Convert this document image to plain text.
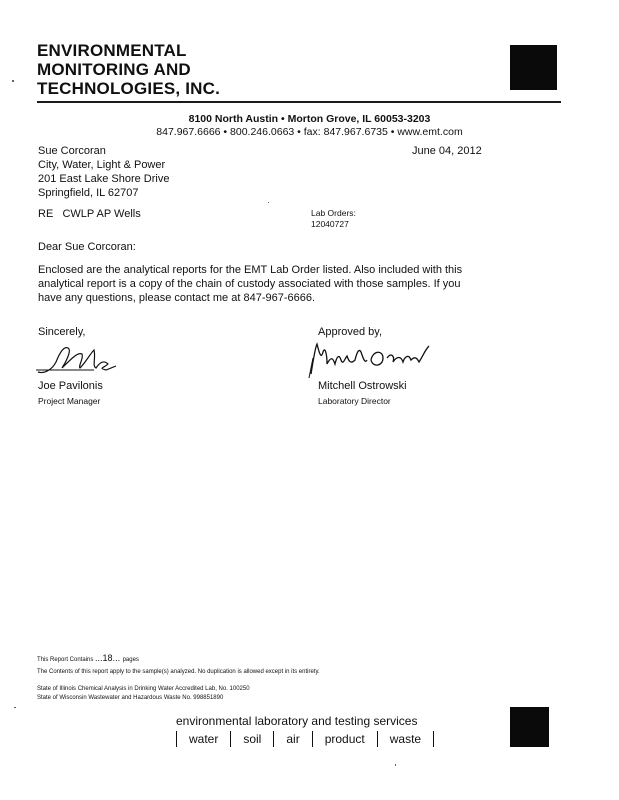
ENVIRONMENTAL
MONITORING AND
TECHNOLOGIES, INC.
8100 North Austin • Morton Grove, IL 60053-3203
847.967.6666 • 800.246.0663 • fax: 847.967.6735 • www.emt.com
Sue Corcoran
City, Water, Light & Power
201 East Lake Shore Drive
Springfield, IL 62707
June 04, 2012
RE CWLP AP Wells	Lab Orders:
12040727
Dear Sue Corcoran:
Enclosed are the analytical reports for the EMT Lab Order listed. Also included with this
analytical report is a copy of the chain of custody associated with those samples. If you
have any questions, please contact me at 847-967-6666.
Sincerely,	Approved by,
Joe Pavilonis	Mitchell Ostrowski
Project Manager	Laboratory Director
This Report Contains ...18... pages
The Contents of this report apply to the sample(s) analyzed. No duplication is allowed except in its entirety.
State of Illinois Chemical Analysis in Drinking Water Accredited Lab, No. 100250
State of Wisconsin Wastewater and Hazardous Waste No. 998851890
environmental laboratory and testing services
water	soil	air	product	waste
